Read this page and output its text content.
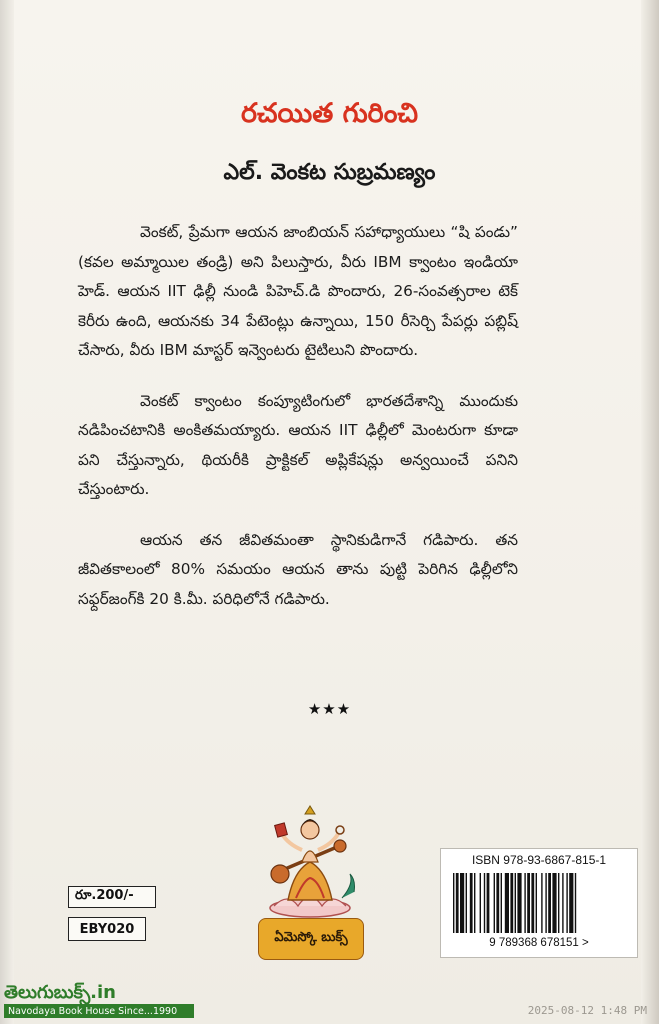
రచయిత గురించి
ఎల్. వెంకట సుబ్రమణ్యం

వెంకట్, ప్రేమగా ఆయన జాంబియన్ సహాధ్యాయులు “షి పండు” (కవల అమ్మాయిల తండ్రి) అని పిలుస్తారు, వీరు IBM క్వాంటం ఇండియా హెడ్. ఆయన IIT ఢిల్లీ నుండి పిహెచ్.డి పొందారు, 26-సంవత్సరాల టెక్ కెరీరు ఉంది, ఆయనకు 34 పేటెంట్లు ఉన్నాయి, 150 రీసెర్చి పేపర్లు పబ్లిష్ చేసారు, వీరు IBM మాస్టర్ ఇన్వెంటరు టైటిలుని పొందారు.

వెంకట్ క్వాంటం కంప్యూటింగులో భారతదేశాన్ని ముందుకు నడిపించటానికి అంకితమయ్యారు. ఆయన IIT ఢిల్లీలో మెంటరుగా కూడా పని చేస్తున్నారు, థియరీకి ప్రాక్టికల్ అప్లికేషన్లు అన్వయించే పనిని చేస్తుంటారు.

ఆయన తన జీవితమంతా స్థానికుడిగానే గడిపారు. తన జీవితకాలంలో 80% సమయం ఆయన తాను పుట్టి పెరిగిన ఢిల్లీలోని సఫ్దర్‌జంగ్‌కి 20 కి.మీ. పరిధిలోనే గడిపారు.

★★★
ఏమెస్కో బుక్స్
రూ.200/-
EBY020
ISBN 978-93-6867-815-1
9 789368 678151 >
తెలుగుబుక్స్.in
Navodaya Book House Since...1990	2025-08-12 1:48 PM
